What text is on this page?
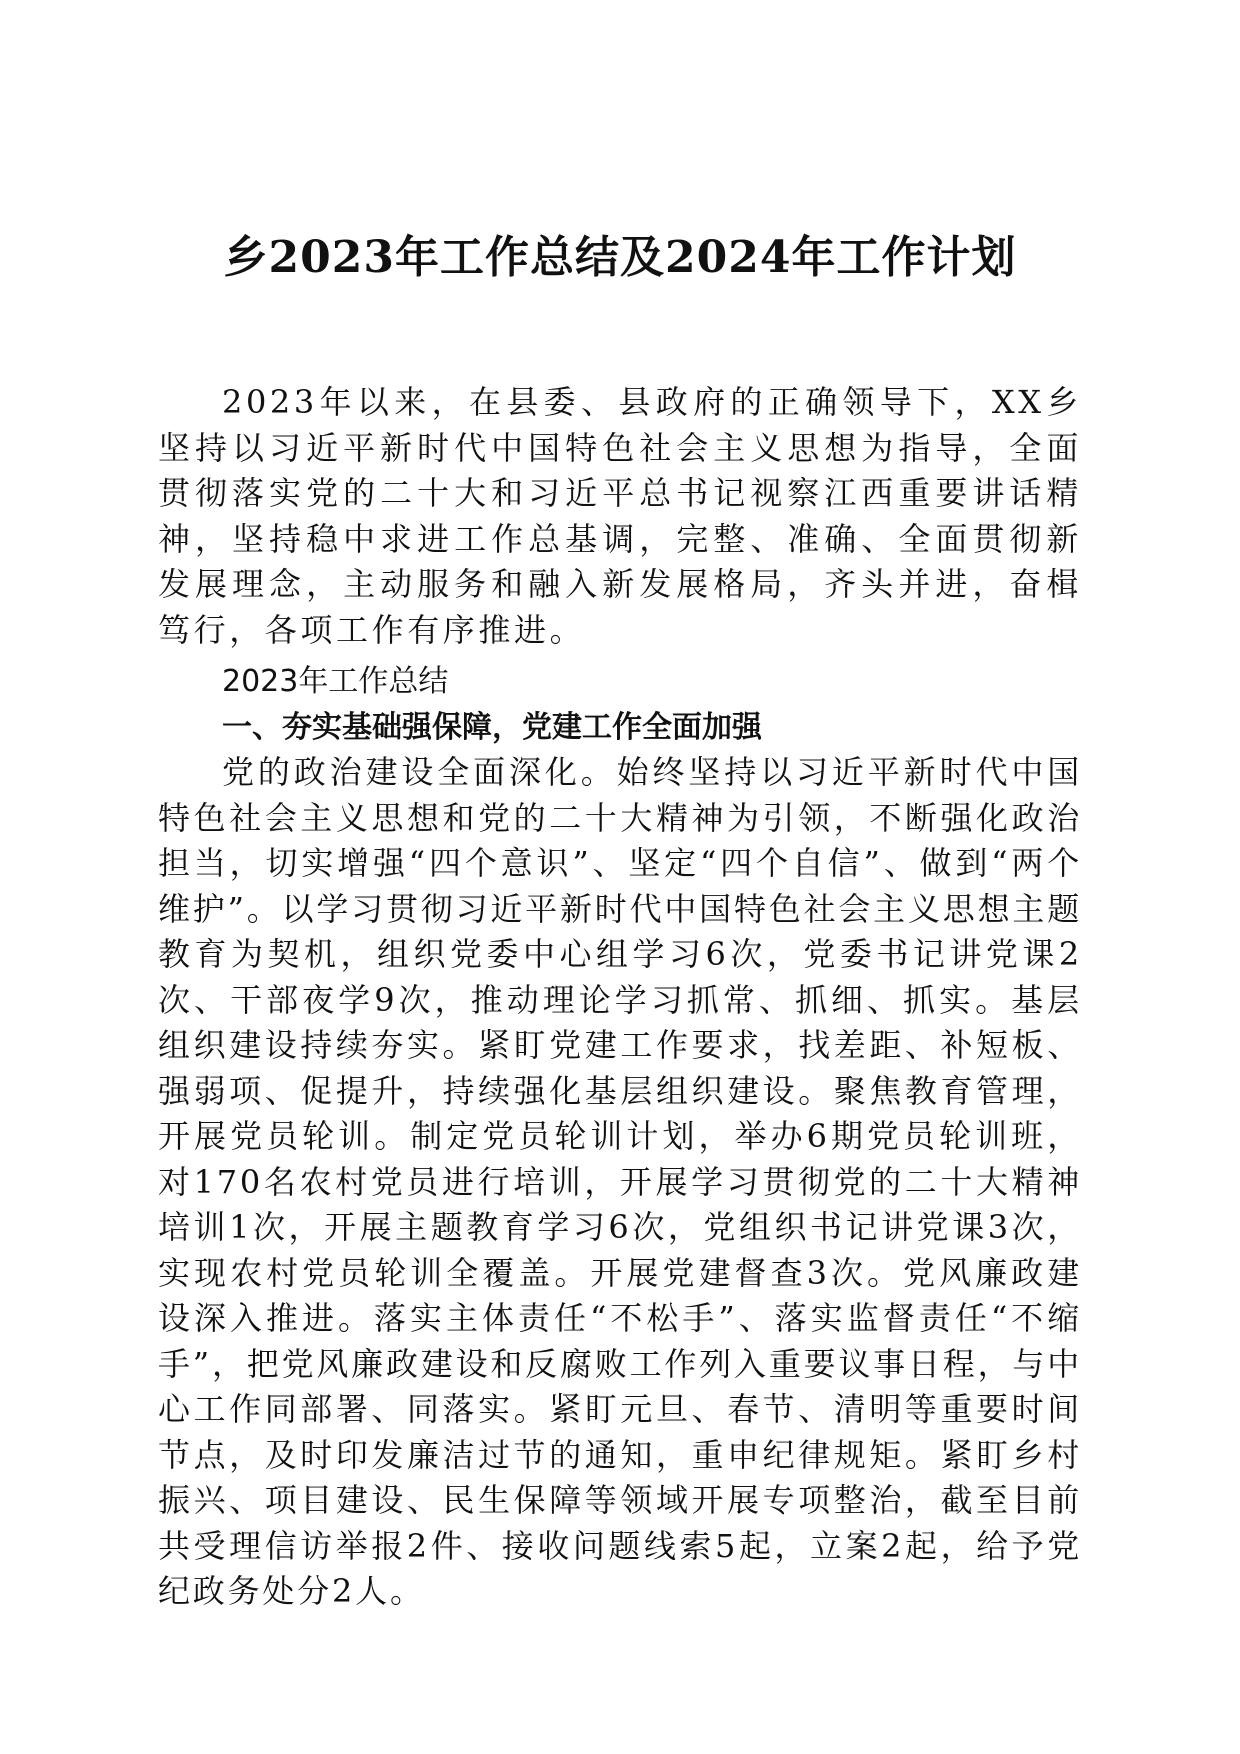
乡2023年工作总结及2024年工作计划

2023年以来，在县委、县政府的正确领导下，XX乡坚持以习近平新时代中国特色社会主义思想为指导，全面贯彻落实党的二十大和习近平总书记视察江西重要讲话精神，坚持稳中求进工作总基调，完整、准确、全面贯彻新发展理念，主动服务和融入新发展格局，齐头并进，奋楫笃行，各项工作有序推进。

2023年工作总结

一、夯实基础强保障，党建工作全面加强

党的政治建设全面深化。始终坚持以习近平新时代中国特色社会主义思想和党的二十大精神为引领，不断强化政治担当，切实增强“四个意识”、坚定“四个自信”、做到“两个维护”。以学习贯彻习近平新时代中国特色社会主义思想主题教育为契机，组织党委中心组学习6次，党委书记讲党课2次、干部夜学9次，推动理论学习抓常、抓细、抓实。基层组织建设持续夯实。紧盯党建工作要求，找差距、补短板、强弱项、促提升，持续强化基层组织建设。聚焦教育管理，开展党员轮训。制定党员轮训计划，举办6期党员轮训班，对170名农村党员进行培训，开展学习贯彻党的二十大精神培训1次，开展主题教育学习6次，党组织书记讲党课3次，实现农村党员轮训全覆盖。开展党建督查3次。党风廉政建设深入推进。落实主体责任“不松手”、落实监督责任“不缩手”，把党风廉政建设和反腐败工作列入重要议事日程，与中心工作同部署、同落实。紧盯元旦、春节、清明等重要时间节点，及时印发廉洁过节的通知，重申纪律规矩。紧盯乡村振兴、项目建设、民生保障等领域开展专项整治，截至目前共受理信访举报2件、接收问题线索5起，立案2起，给予党纪政务处分2人。
